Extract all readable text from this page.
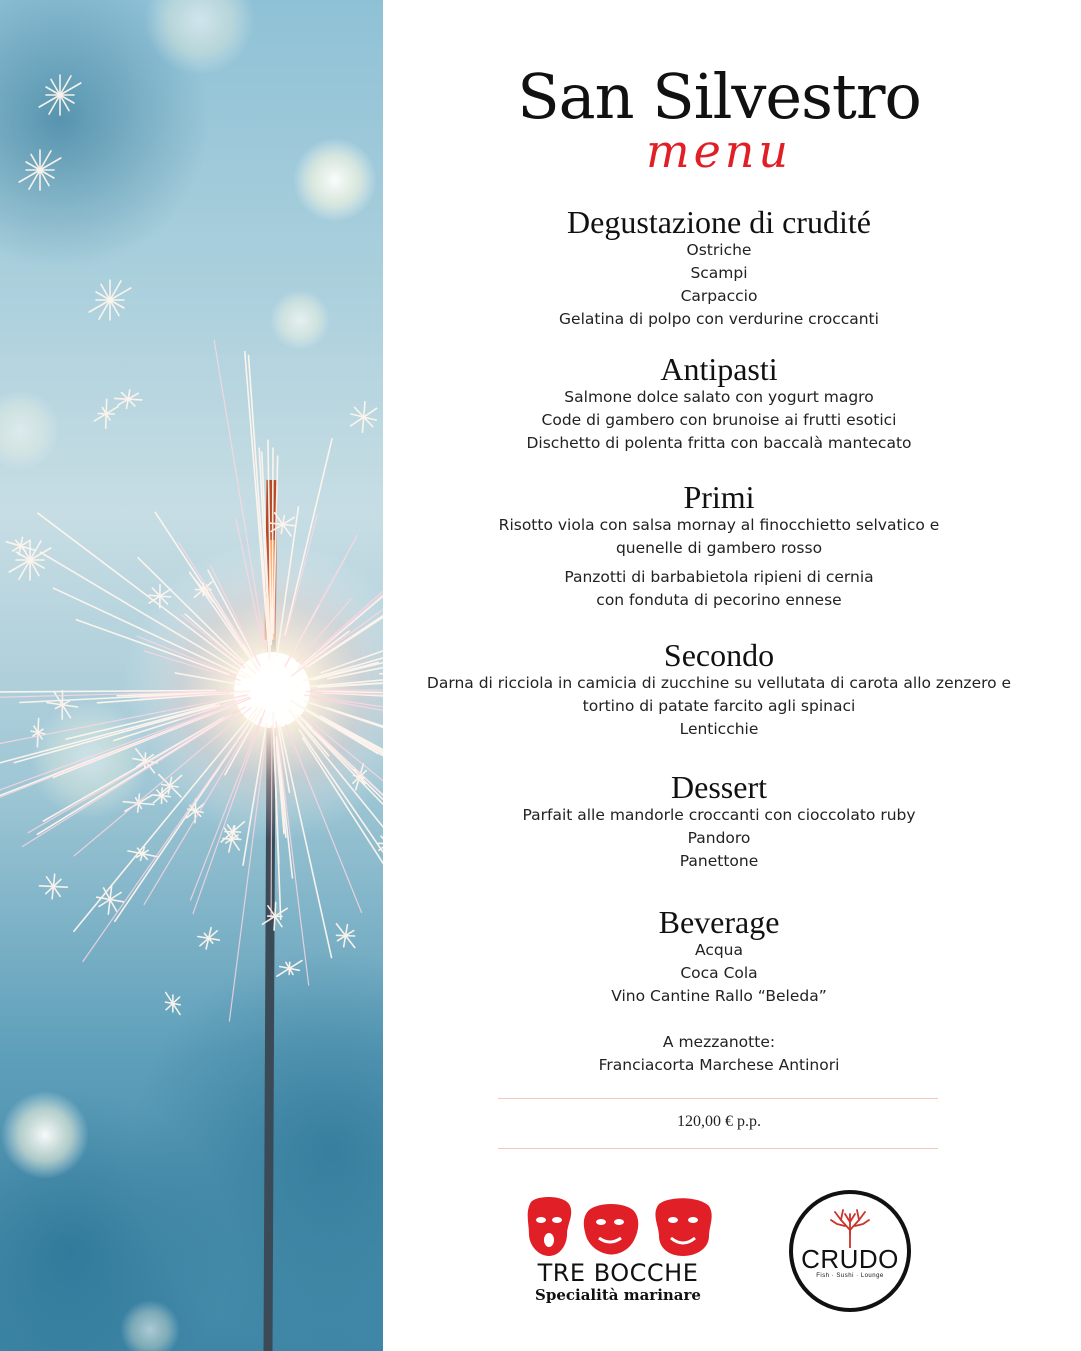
San Silvestro
menu
Degustazione di crudité

Ostriche

Scampi

Carpaccio

Gelatina di polpo con verdurine croccanti

Antipasti

Salmone dolce salato con yogurt magro

Code di gambero con brunoise ai frutti esotici

Dischetto di polenta fritta con baccalà mantecato

Primi

Risotto viola con salsa mornay al finocchietto selvatico e

quenelle di gambero rosso

Panzotti di barbabietola ripieni di cernia

con fonduta di pecorino ennese

Secondo

Darna di ricciola in camicia di zucchine su vellutata di carota allo zenzero e

tortino di patate farcito agli spinaci

Lenticchie

Dessert

Parfait alle mandorle croccanti con cioccolato ruby

Pandoro

Panettone

Beverage

Acqua

Coca Cola

Vino Cantine Rallo “Beleda”

A mezzanotte:

Franciacorta Marchese Antinori

120,00 € p.p.
TRE BOCCHE
Specialità marinare
CRUDO
Fish · Sushi · Lounge
